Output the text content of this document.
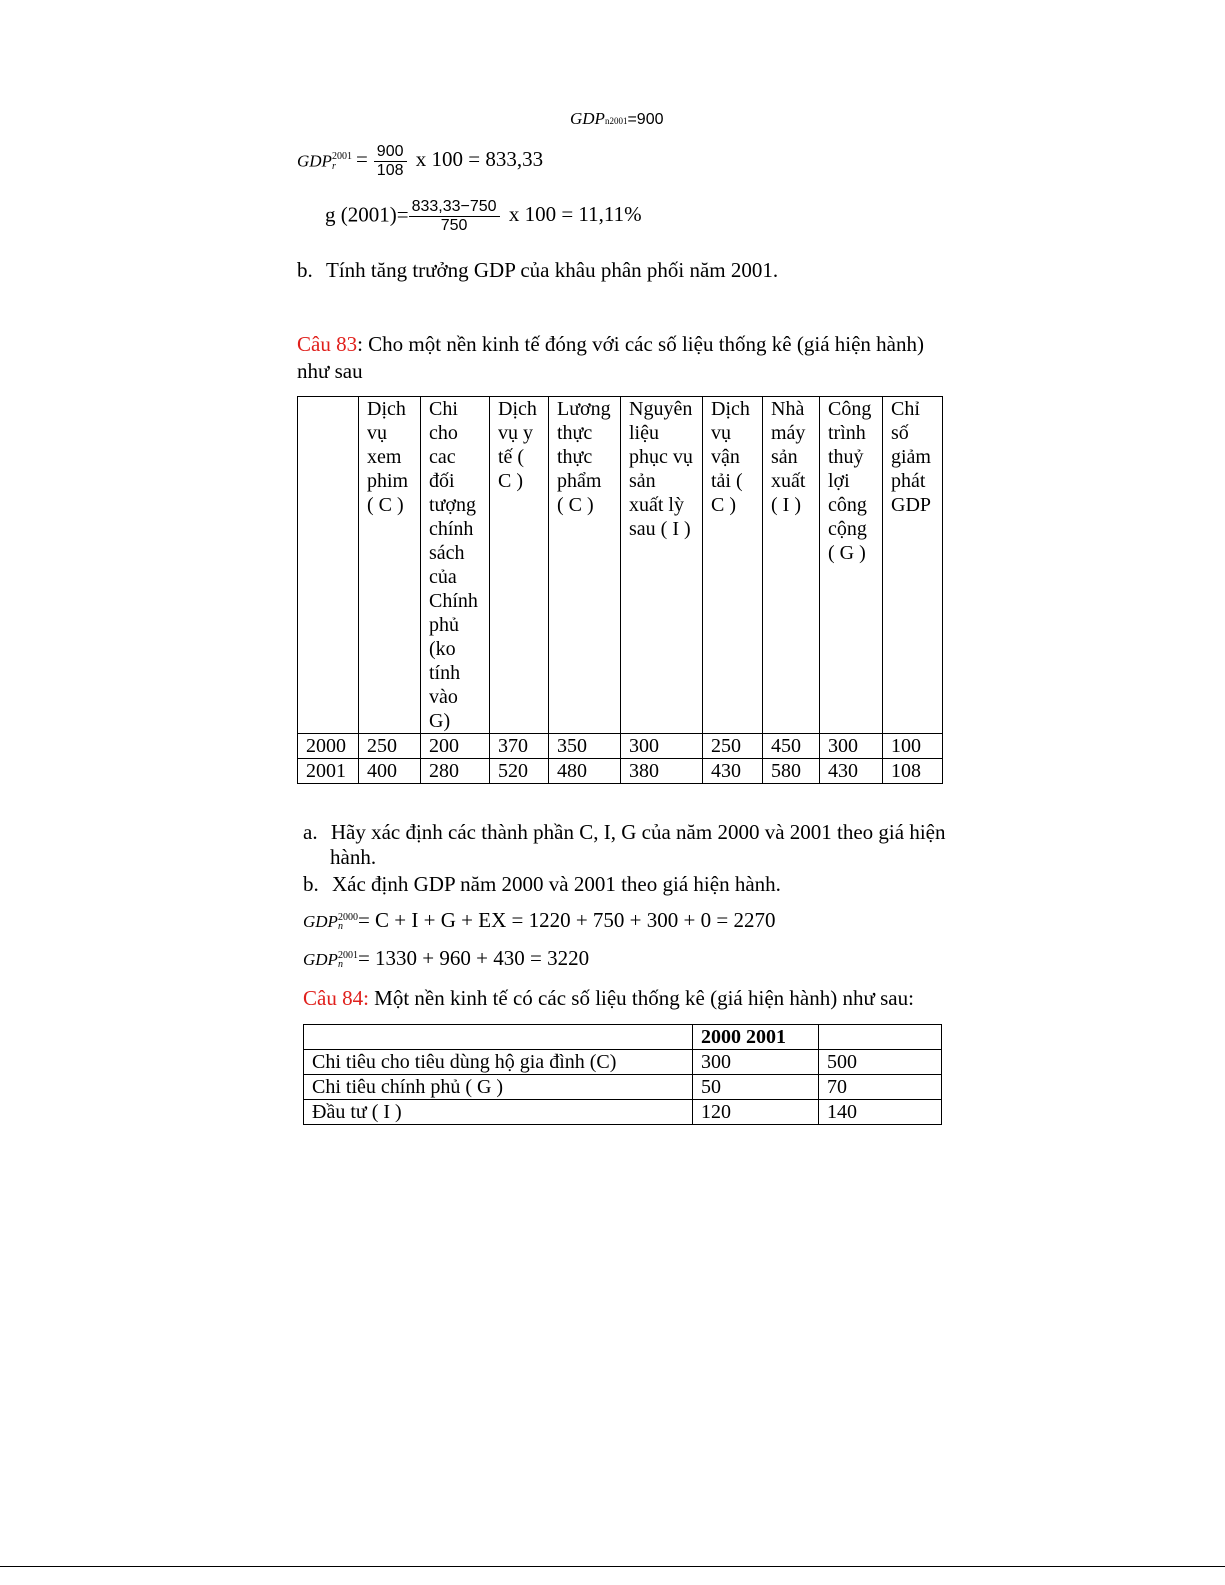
GDPn2001=900
GDP 2001
$r = \frac{900}{108}$ x 100 = 833,33
g $(2001)= \frac{833,33-750}{750}$ x 100 = 11,11%
b. Tính tăng trưởng GDP của khâu phân phối năm 2001.
Câu 83: Cho một nền kinh tế đóng với các số liệu thống kê (giá hiện hành)
như sau
	Dịch vụ xem phim ( C )	Chi cho cac đối tượng chính sách của Chính phủ (ko tính vào G)	Dịch vụ y tế ( C )	Lương thực thực phẩm ( C )	Nguyên liệu phục vụ sản xuất lỳ sau ( I )	Dịch vụ vận tải ( C )	Nhà máy sản xuất ( I )	Công trình thuỷ lợi công cộng ( G )	Chỉ số giảm phát GDP
2000	250	200	370	350	300	250	450	300	100
2001	400	280	520	480	380	430	580	430	108
a. Hãy xác định các thành phần C, I, G của năm 2000 và 2001 theo giá hiện
hành.
b. Xác định GDP năm 2000 và 2001 theo giá hiện hành.
GDP 2000
n = C + I + G + EX = 1220 + 750 + 300 + 0 = 2270
GDP 2001
n = 1330 + 960 + 430 = 3220
Câu 84: Một nền kinh tế có các số liệu thống kê (giá hiện hành) như sau:
	2000 2001	
Chi tiêu cho tiêu dùng hộ gia đình (C)	300	500
Chi tiêu chính phủ ( G )	50	70
Đầu tư ( I )	120	140
